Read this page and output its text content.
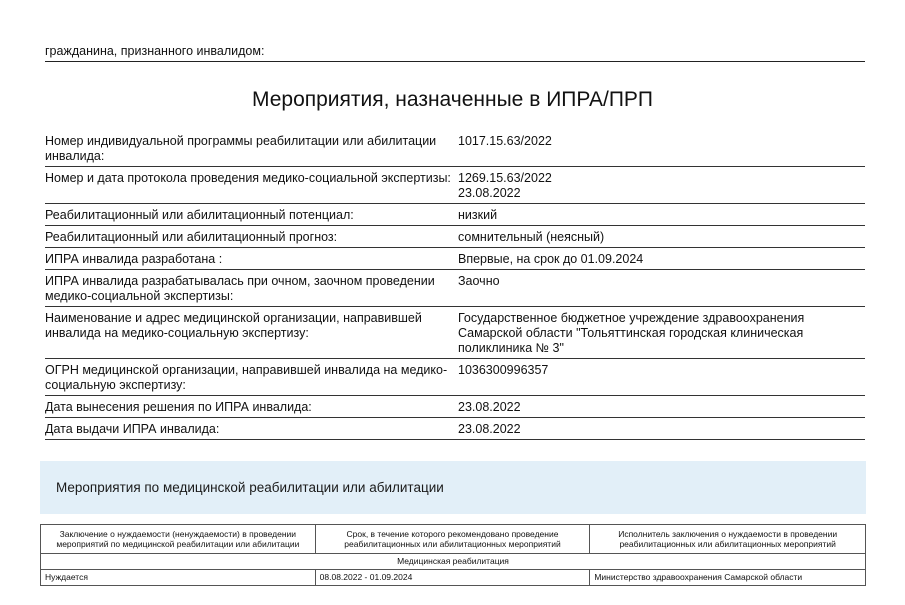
гражданина, признанного инвалидом:
Мероприятия, назначенные в ИПРА/ПРП
Номер индивидуальной программы реабилитации или абилитации инвалида:	1017.15.63/2022
Номер и дата протокола проведения медико-социальной экспертизы:	1269.15.63/2022
23.08.2022

Реабилитационный или абилитационный потенциал:	низкий
Реабилитационный или абилитационный прогноз:	сомнительный (неясный)
ИПРА инвалида разработана :	Впервые, на срок до 01.09.2024
ИПРА инвалида разрабатывалась при очном, заочном проведении медико-социальной экспертизы:	Заочно
Наименование и адрес медицинской организации, направившей инвалида на медико-социальную экспертизу:	Государственное бюджетное учреждение здравоохранения Самарской области "Тольяттинская городская клиническая поликлиника № 3"
ОГРН медицинской организации, направившей инвалида на медико-социальную экспертизу:	1036300996357
Дата вынесения решения по ИПРА инвалида:	23.08.2022
Дата выдачи ИПРА инвалида:	23.08.2022
Мероприятия по медицинской реабилитации или абилитации
Заключение о нуждаемости (ненуждаемости) в проведении мероприятий по медицинской реабилитации или абилитации	Срок, в течение которого рекомендовано проведение реабилитационных или абилитационных мероприятий	Исполнитель заключения о нуждаемости в проведении реабилитационных или абилитационных мероприятий
Медицинская реабилитация		
Нуждается	08.08.2022 - 01.09.2024	Министерство здравоохранения Самарской области
